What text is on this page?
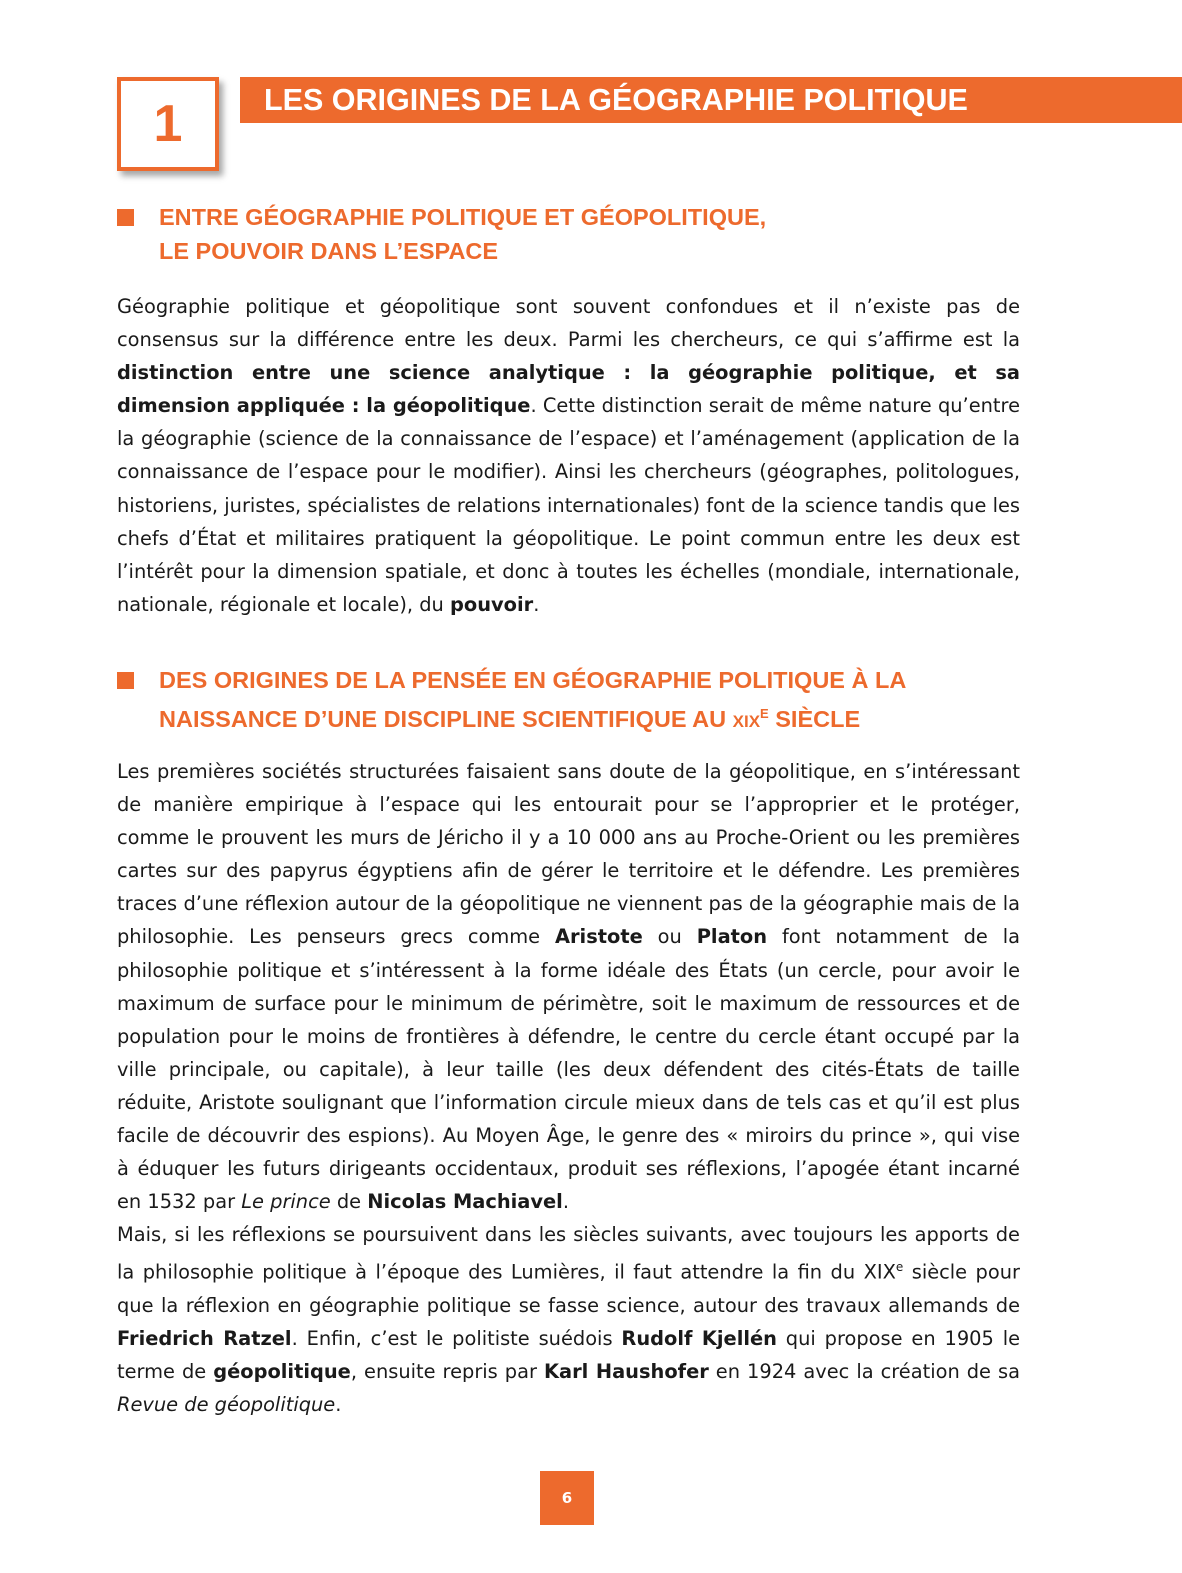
1	LES ORIGINES DE LA GÉOGRAPHIE POLITIQUE
ENTRE GÉOGRAPHIE POLITIQUE ET GÉOPOLITIQUE,
LE POUVOIR DANS L’ESPACE

Géographie politique et géopolitique sont souvent confondues et il n’existe pas de consensus sur la différence entre les deux. Parmi les chercheurs, ce qui s’affirme est la distinction entre une science analytique : la géographie politique, et sa dimension appliquée : la géopolitique. Cette distinction serait de même nature qu’entre la géographie (science de la connaissance de l’espace) et l’aménagement (application de la connaissance de l’espace pour le modifier). Ainsi les chercheurs (géographes, politologues, historiens, juristes, spécialistes de relations internationales) font de la science tandis que les chefs d’État et militaires pratiquent la géopolitique. Le point commun entre les deux est l’intérêt pour la dimension spatiale, et donc à toutes les échelles (mondiale, internationale, nationale, régionale et locale), du pouvoir.

DES ORIGINES DE LA PENSÉE EN GÉOGRAPHIE POLITIQUE À LA
NAISSANCE D’UNE DISCIPLINE SCIENTIFIQUE AU $XIX^E$ SIÈCLE

Les premières sociétés structurées faisaient sans doute de la géopolitique, en s’intéressant de manière empirique à l’espace qui les entourait pour se l’approprier et le protéger, comme le prouvent les murs de Jéricho il y a 10 000 ans au Proche-Orient ou les premières cartes sur des papyrus égyptiens afin de gérer le territoire et le défendre. Les premières traces d’une réflexion autour de la géopolitique ne viennent pas de la géographie mais de la philosophie. Les penseurs grecs comme Aristote ou Platon font notamment de la philosophie politique et s’intéressent à la forme idéale des États (un cercle, pour avoir le maximum de surface pour le minimum de périmètre, soit le maximum de ressources et de population pour le moins de frontières à défendre, le centre du cercle étant occupé par la ville principale, ou capitale), à leur taille (les deux défendent des cités-États de taille réduite, Aristote soulignant que l’information circule mieux dans de tels cas et qu’il est plus facile de découvrir des espions). Au Moyen Âge, le genre des « miroirs du prince », qui vise à éduquer les futurs dirigeants occidentaux, produit ses réflexions, l’apogée étant incarné en 1532 par Le prince de Nicolas Machiavel.

Mais, si les réflexions se poursuivent dans les siècles suivants, avec toujours les apports de la philosophie politique à l’époque des Lumières, il faut attendre la fin du XIXe siècle pour que la réflexion en géographie politique se fasse science, autour des travaux allemands de Friedrich Ratzel. Enfin, c’est le politiste suédois Rudolf Kjellén qui propose en 1905 le terme de géopolitique, ensuite repris par Karl Haushofer en 1924 avec la création de sa Revue de géopolitique.

6
